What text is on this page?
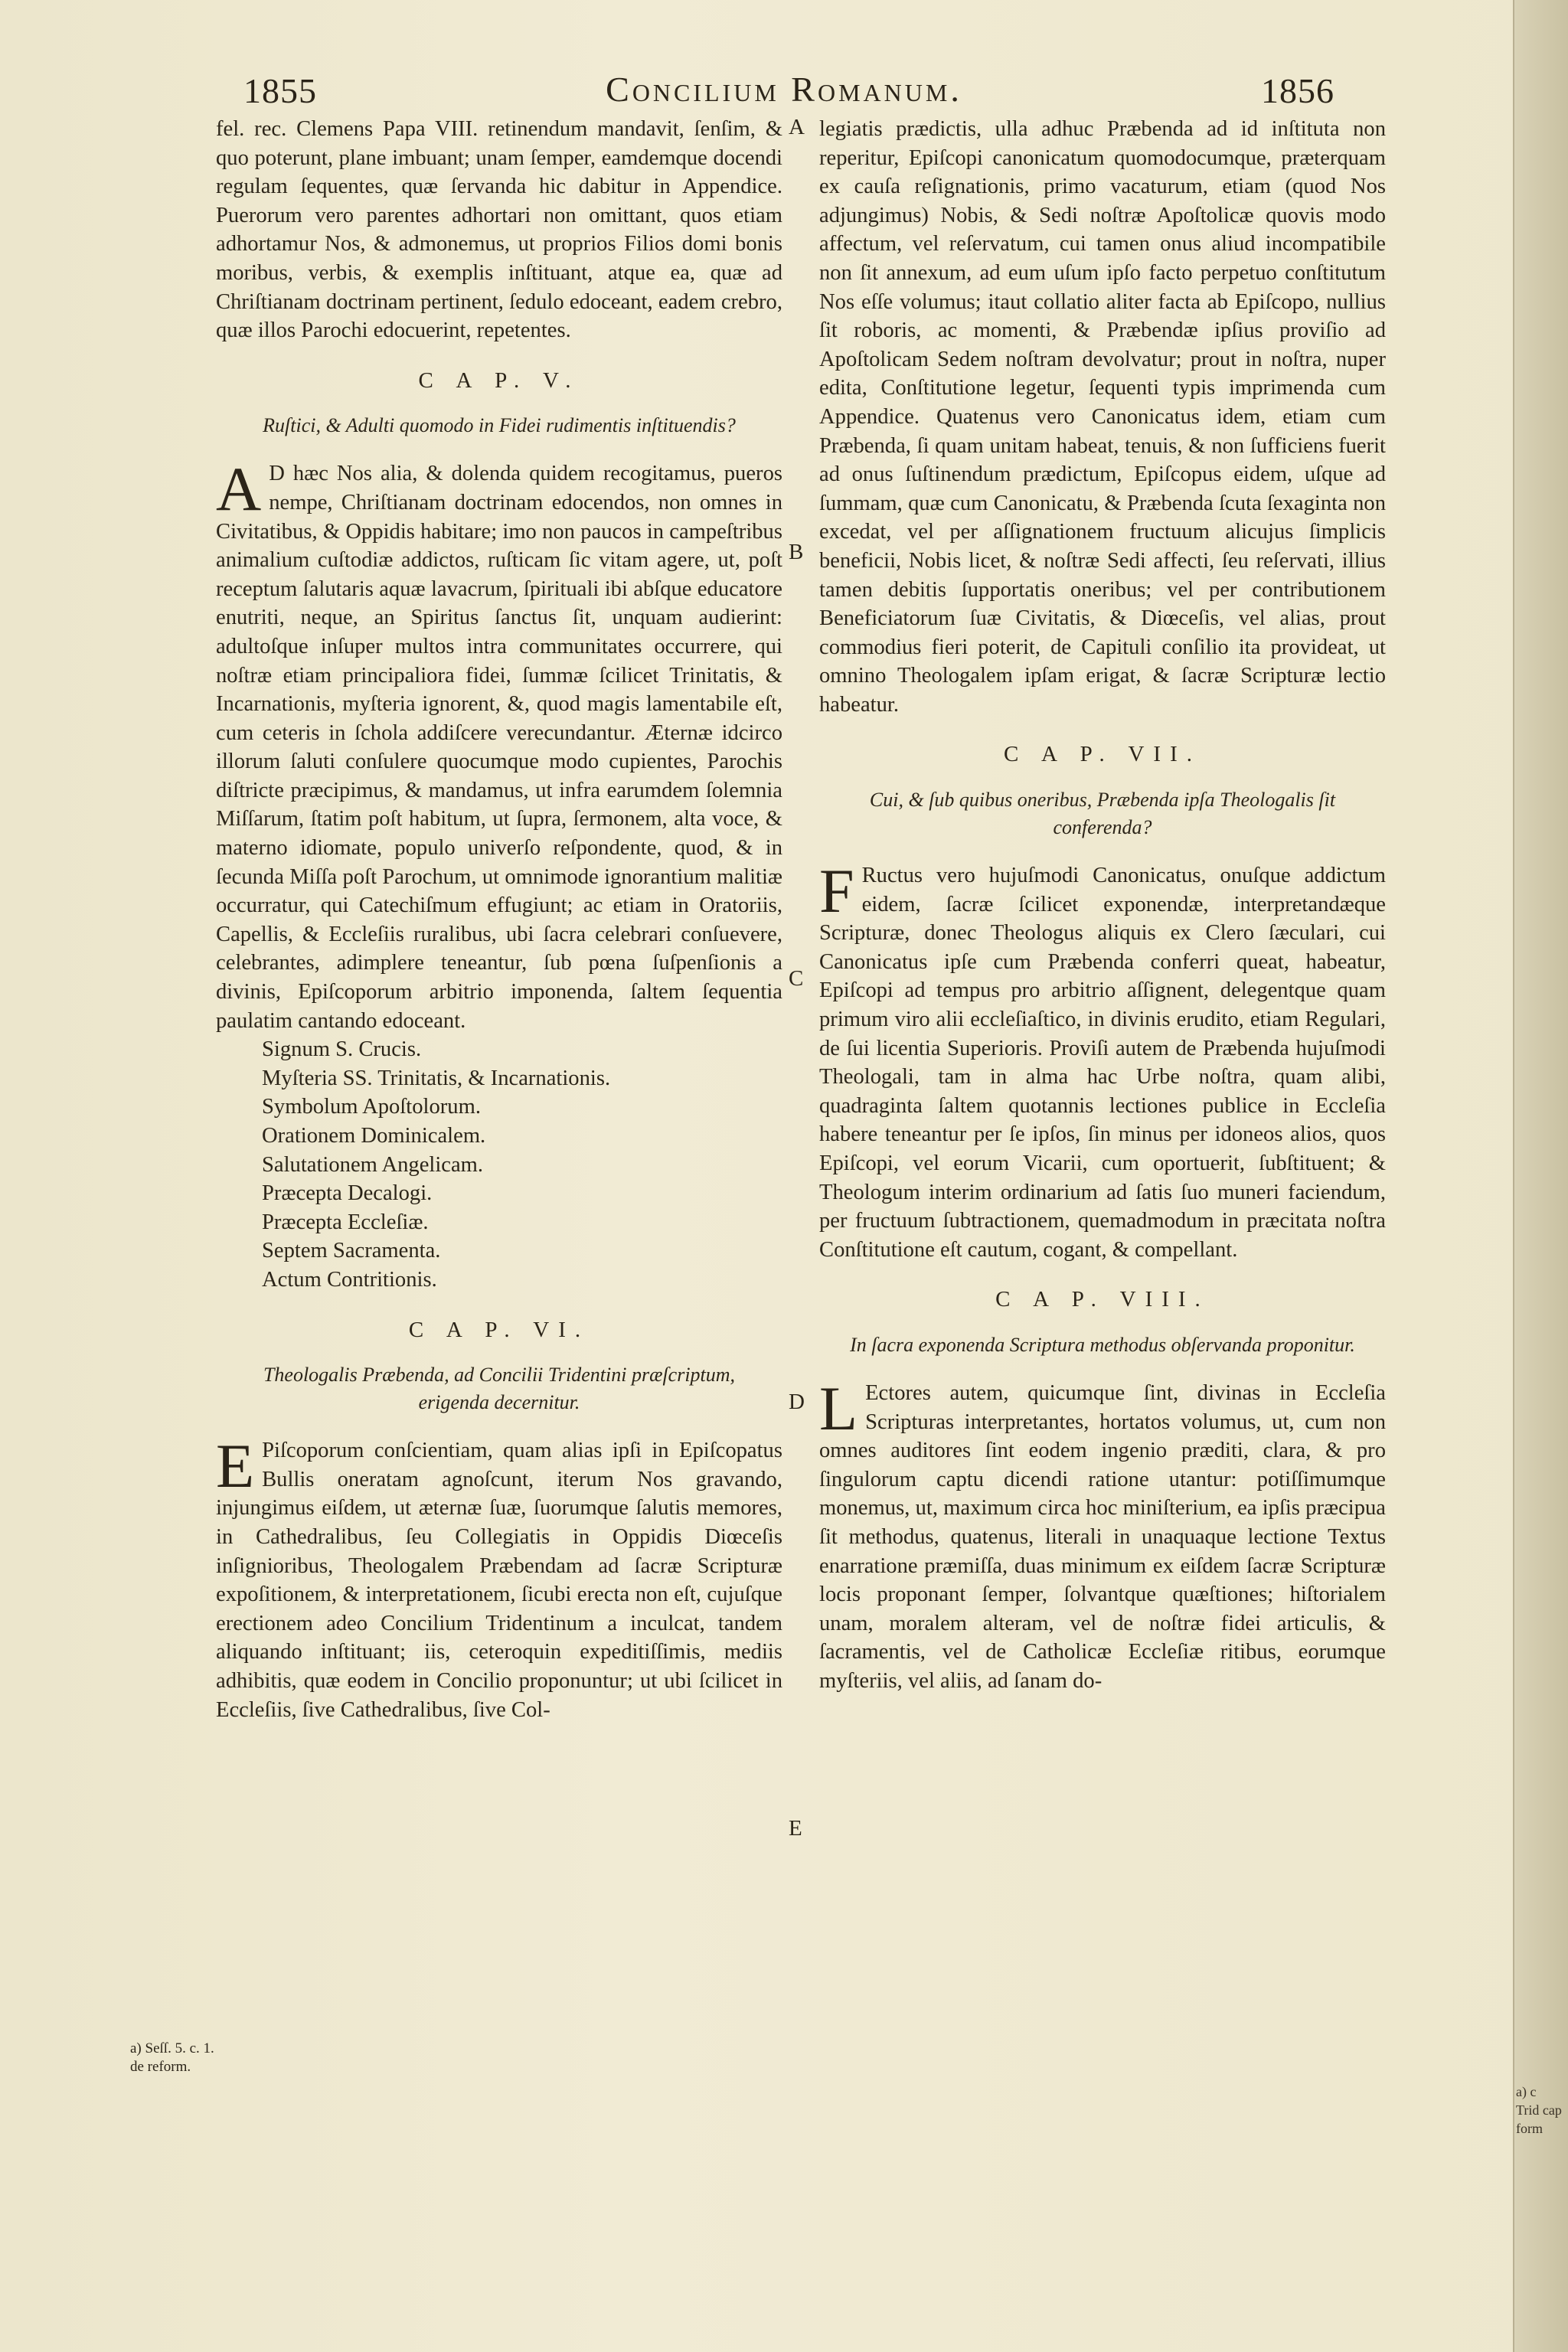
a) c Trid cap form
1855	Concilium Romanum.	1856

fel. rec. Clemens Papa VIII. retinendum mandavit, ſenſim, & quo poterunt, plane imbuant; unam ſemper, eamdemque docendi regulam ſequentes, quæ ſervanda hic dabitur in Appendice. Puerorum vero parentes adhortari non omittant, quos etiam adhortamur Nos, & admonemus, ut proprios Filios domi bonis moribus, verbis, & exemplis inſtituant, atque ea, quæ ad Chriſtianam doctrinam pertinent, ſedulo edoceant, eadem crebro, quæ illos Parochi edocuerint, repetentes.

C A P. V.
Ruſtici, & Adulti quomodo in Fidei rudimentis inſtituendis?

A D hæc Nos alia, & dolenda quidem recogitamus, pueros nempe, Chriſtianam doctrinam edocendos, non omnes in Civitatibus, & Oppidis habitare; imo non paucos in campeſtribus animalium cuſtodiæ addictos, ruſticam ſic vitam agere, ut, poſt receptum ſalutaris aquæ lavacrum, ſpirituali ibi abſque educatore enutriti, neque, an Spiritus ſanctus ſit, unquam audierint: adultoſque inſuper multos intra communitates occurrere, qui noſtræ etiam principaliora fidei, ſummæ ſcilicet Trinitatis, & Incarnationis, myſteria ignorent, &, quod magis lamentabile eſt, cum ceteris in ſchola addiſcere verecundantur. Æternæ idcirco illorum ſaluti conſulere quocumque modo cupientes, Parochis diſtricte præcipimus, & mandamus, ut infra earumdem ſolemnia Miſſarum, ſtatim poſt habitum, ut ſupra, ſermonem, alta voce, & materno idiomate, populo univerſo reſpondente, quod, & in ſecunda Miſſa poſt Parochum, ut omnimode ignorantium malitiæ occurratur, qui Catechiſmum effugiunt; ac etiam in Oratoriis, Capellis, & Eccleſiis ruralibus, ubi ſacra celebrari conſuevere, celebrantes, adimplere teneantur, ſub pœna ſuſpenſionis a divinis, Epiſcoporum arbitrio imponenda, ſaltem ſequentia paulatim cantando edoceant.

Signum S. Crucis.
Myſteria SS. Trinitatis, & Incarnationis.
Symbolum Apoſtolorum.
Orationem Dominicalem.
Salutationem Angelicam.
Præcepta Decalogi.
Præcepta Eccleſiæ.
Septem Sacramenta.
Actum Contritionis.
C A P. VI.
Theologalis Præbenda, ad Concilii Tridentini præſcriptum, erigenda decernitur.

E Piſcoporum conſcientiam, quam alias ipſi in Epiſcopatus Bullis oneratam agnoſcunt, iterum Nos gravando, injungimus eiſdem, ut æternæ ſuæ, ſuorumque ſalutis memores, in Cathedralibus, ſeu Collegiatis in Oppidis Diœceſis inſignioribus, Theologalem Præbendam ad ſacræ Scripturæ expoſitionem, & interpretationem, ſicubi erecta non eſt, cujuſque erectionem adeo Concilium Tridentinum a inculcat, tandem aliquando inſtituant; iis, ceteroquin expeditiſſimis, mediis adhibitis, quæ eodem in Concilio proponuntur; ut ubi ſcilicet in Eccleſiis, ſive Cathedralibus, ſive Col-

a) Seſſ. 5. c. 1. de reform.
A
B
C
D
E

legiatis prædictis, ulla adhuc Præbenda ad id inſtituta non reperitur, Epiſcopi canonicatum quomodocumque, præterquam ex cauſa reſignationis, primo vacaturum, etiam (quod Nos adjungimus) Nobis, & Sedi noſtræ Apoſtolicæ quovis modo affectum, vel reſervatum, cui tamen onus aliud incompatibile non ſit annexum, ad eum uſum ipſo facto perpetuo conſtitutum Nos eſſe volumus; itaut collatio aliter facta ab Epiſcopo, nullius ſit roboris, ac momenti, & Præbendæ ipſius proviſio ad Apoſtolicam Sedem noſtram devolvatur; prout in noſtra, nuper edita, Conſtitutione legetur, ſequenti typis imprimenda cum Appendice. Quatenus vero Canonicatus idem, etiam cum Præbenda, ſi quam unitam habeat, tenuis, & non ſufficiens fuerit ad onus ſuſtinendum prædictum, Epiſcopus eidem, uſque ad ſummam, quæ cum Canonicatu, & Præbenda ſcuta ſexaginta non excedat, vel per aſſignationem fructuum alicujus ſimplicis beneficii, Nobis licet, & noſtræ Sedi affecti, ſeu reſervati, illius tamen debitis ſupportatis oneribus; vel per contributionem Beneficiatorum ſuæ Civitatis, & Diœceſis, vel alias, prout commodius fieri poterit, de Capituli conſilio ita provideat, ut omnino Theologalem ipſam erigat, & ſacræ Scripturæ lectio habeatur.

C A P. VII.
Cui, & ſub quibus oneribus, Præbenda ipſa Theologalis ſit conferenda?

F Ructus vero hujuſmodi Canonicatus, onuſque addictum eidem, ſacræ ſcilicet exponendæ, interpretandæque Scripturæ, donec Theologus aliquis ex Clero ſæculari, cui Canonicatus ipſe cum Præbenda conferri queat, habeatur, Epiſcopi ad tempus pro arbitrio aſſignent, delegentque quam primum viro alii eccleſiaſtico, in divinis erudito, etiam Regulari, de ſui licentia Superioris. Proviſi autem de Præbenda hujuſmodi Theologali, tam in alma hac Urbe noſtra, quam alibi, quadraginta ſaltem quotannis lectiones publice in Eccleſia habere teneantur per ſe ipſos, ſin minus per idoneos alios, quos Epiſcopi, vel eorum Vicarii, cum oportuerit, ſubſtituent; & Theologum interim ordinarium ad ſatis ſuo muneri faciendum, per fructuum ſubtractionem, quemadmodum in præcitata noſtra Conſtitutione eſt cautum, cogant, & compellant.

C A P. VIII.
In ſacra exponenda Scriptura methodus obſervanda proponitur.

L Ectores autem, quicumque ſint, divinas in Eccleſia Scripturas interpretantes, hortatos volumus, ut, cum non omnes auditores ſint eodem ingenio præditi, clara, & pro ſingulorum captu dicendi ratione utantur: potiſſimumque monemus, ut, maximum circa hoc miniſterium, ea ipſis præcipua ſit methodus, quatenus, literali in unaquaque lectione Textus enarratione præmiſſa, duas minimum ex eiſdem ſacræ Scripturæ locis proponant ſemper, ſolvantque quæſtiones; hiſtorialem unam, moralem alteram, vel de noſtræ fidei articulis, & ſacramentis, vel de Catholicæ Eccleſiæ ritibus, eorumque myſteriis, vel aliis, ad ſanam do-
